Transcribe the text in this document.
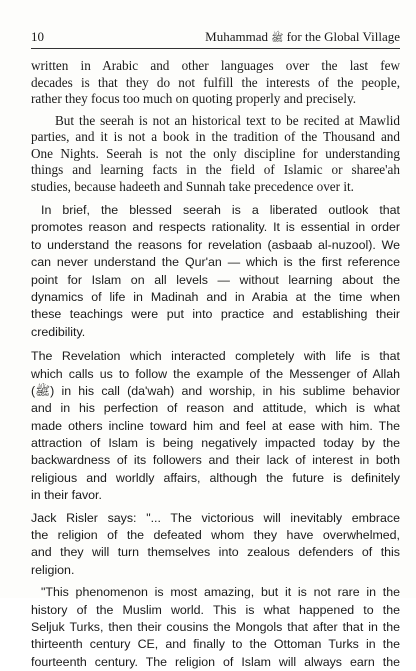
10	Muhammad ﷺ for the Global Village
written in Arabic and other languages over the last few
decades is that they do not fulfill the interests of the people,
rather they focus too much on quoting properly and precisely.
But the seerah is not an historical text to be recited at Mawlid
parties, and it is not a book in the tradition of the Thousand and
One Nights. Seerah is not the only discipline for understanding
things and learning facts in the field of Islamic or sharee'ah
studies, because hadeeth and Sunnah take precedence over it.
In brief, the blessed seerah is a liberated outlook that
promotes reason and respects rationality. It is essential in order
to understand the reasons for revelation (asbaab al-nuzool). We
can never understand the Qur'an — which is the first reference
point for Islam on all levels — without learning about the
dynamics of life in Madinah and in Arabia at the time when
these teachings were put into practice and establishing their
credibility.
The Revelation which interacted completely with life is that
which calls us to follow the example of the Messenger of Allah
(ﷺ) in his call (da'wah) and worship, in his sublime behavior
and in his perfection of reason and attitude, which is what
made others incline toward him and feel at ease with him. The
attraction of Islam is being negatively impacted today by the
backwardness of its followers and their lack of interest in both
religious and worldly affairs, although the future is definitely
in their favor.
Jack Risler says: "... The victorious will inevitably embrace
the religion of the defeated whom they have overwhelmed,
and they will turn themselves into zealous defenders of this
religion.
"This phenomenon is most amazing, but it is not rare in the
history of the Muslim world. This is what happened to the
Seljuk Turks, then their cousins the Mongols that after that in the
thirteenth century CE, and finally to the Ottoman Turks in the
fourteenth century. The religion of Islam will always earn the
